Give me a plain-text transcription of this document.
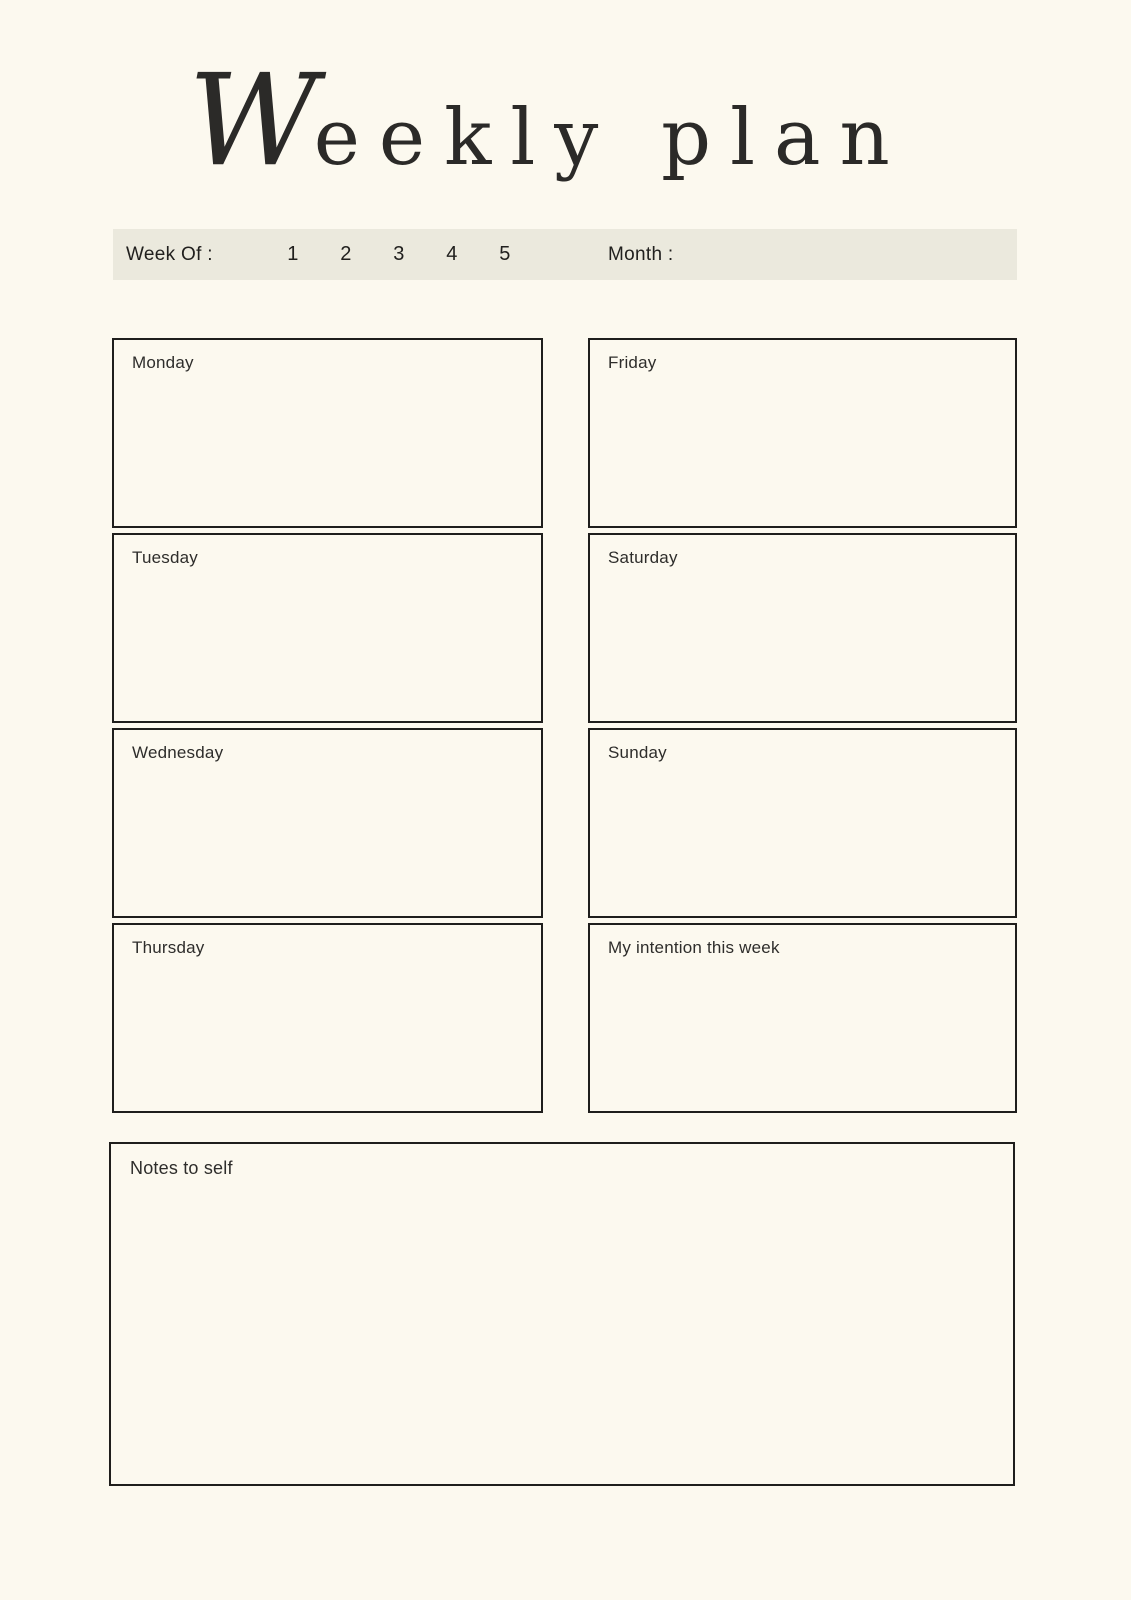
W
eekly plan
Week Of :	1 2 3 4 5	Month :
Monday
Tuesday
Wednesday
Thursday
Friday
Saturday
Sunday
My intention this week
Notes to self
